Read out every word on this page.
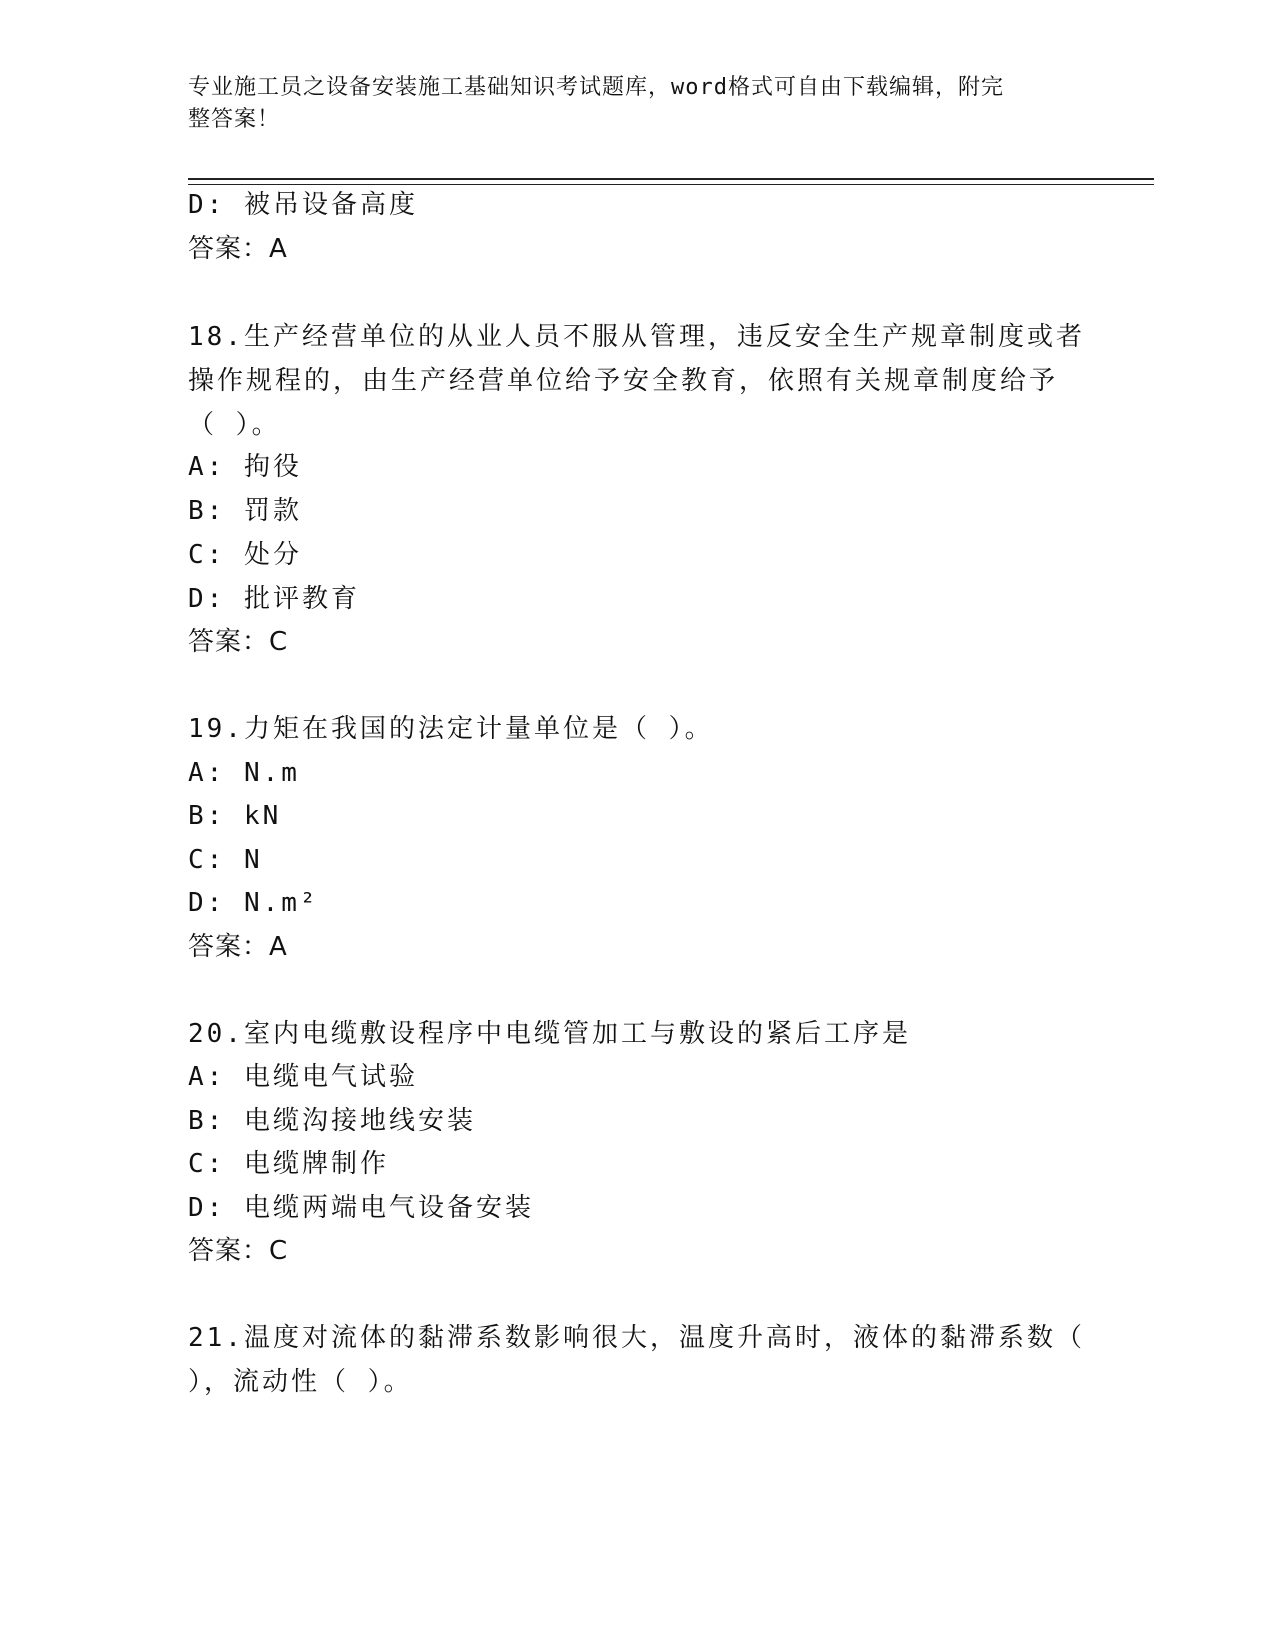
专业施工员之设备安装施工基础知识考试题库，word格式可自由下载编辑，附完
整答案！
D: 被吊设备高度
答案：A
18.生产经营单位的从业人员不服从管理，违反安全生产规章制度或者
操作规程的，由生产经营单位给予安全教育，依照有关规章制度给予
（ ）。
A: 拘役
B: 罚款
C: 处分
D: 批评教育
答案：C
19.力矩在我国的法定计量单位是（ ）。
A: N.m
B: kN
C: N
D: N.m²
答案：A
20.室内电缆敷设程序中电缆管加工与敷设的紧后工序是
A: 电缆电气试验
B: 电缆沟接地线安装
C: 电缆牌制作
D: 电缆两端电气设备安装
答案：C
21.温度对流体的黏滞系数影响很大，温度升高时，液体的黏滞系数（
），流动性（ ）。
